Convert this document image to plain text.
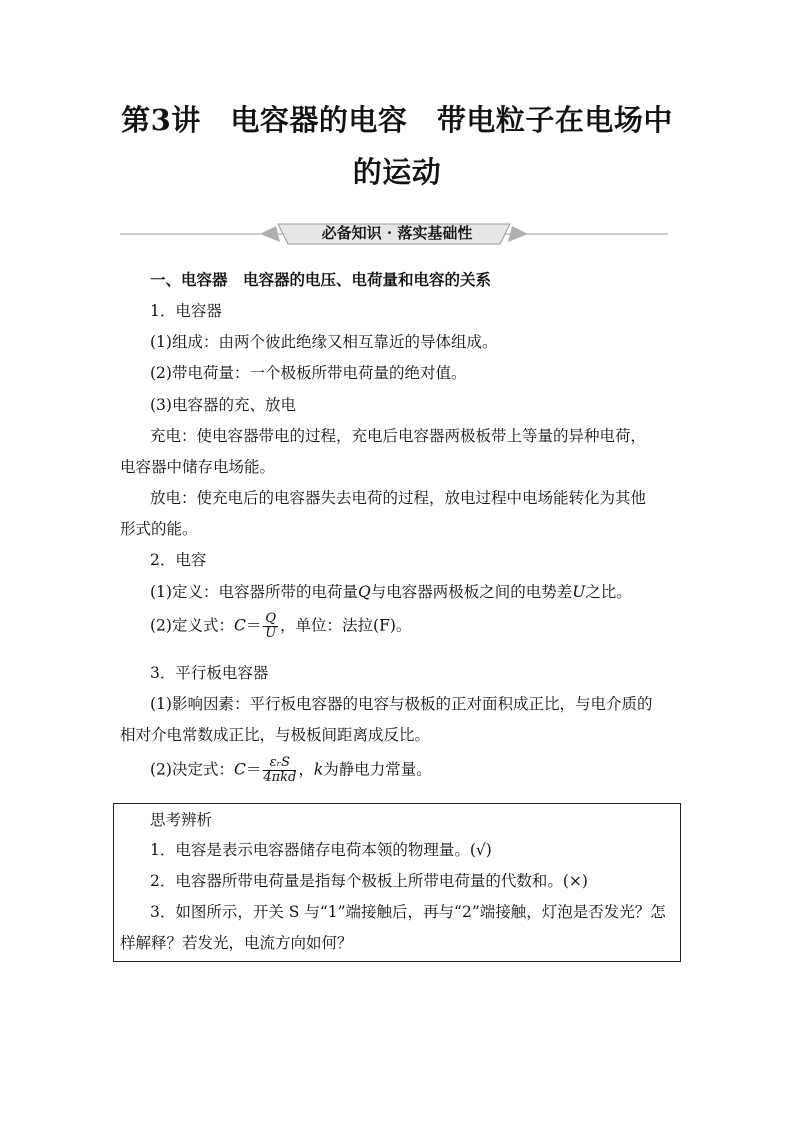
第3讲　电容器的电容　带电粒子在电场中
的运动
必备知识 · 落实基础性
一、电容器　电容器的电压、电荷量和电容的关系
1．电容器
(1)组成：由两个彼此绝缘又相互靠近的导体组成。
(2)带电荷量：一个极板所带电荷量的绝对值。
(3)电容器的充、放电
充电：使电容器带电的过程，充电后电容器两极板带上等量的异种电荷，
电容器中储存电场能。
放电：使充电后的电容器失去电荷的过程，放电过程中电场能转化为其他
形式的能。
2．电容
(1)定义：电容器所带的电荷量Q与电容器两极板之间的电势差U之比。
(2)定义式：$C= \frac{Q}{U}$ ，单位：法拉(F)。
3．平行板电容器
(1)影响因素：平行板电容器的电容与极板的正对面积成正比，与电介质的
相对介电常数成正比，与极板间距离成反比。
(2)决定式：$C= \frac{\text{εᵣS}}{\text{4πkd}}$ ，k为静电力常量。
思考辨析
1．电容是表示电容器储存电荷本领的物理量。(√)
2．电容器所带电荷量是指每个极板上所带电荷量的代数和。(×)
3．如图所示，开关 S 与“1”端接触后，再与“2”端接触，灯泡是否发光？怎
样解释？若发光，电流方向如何？
